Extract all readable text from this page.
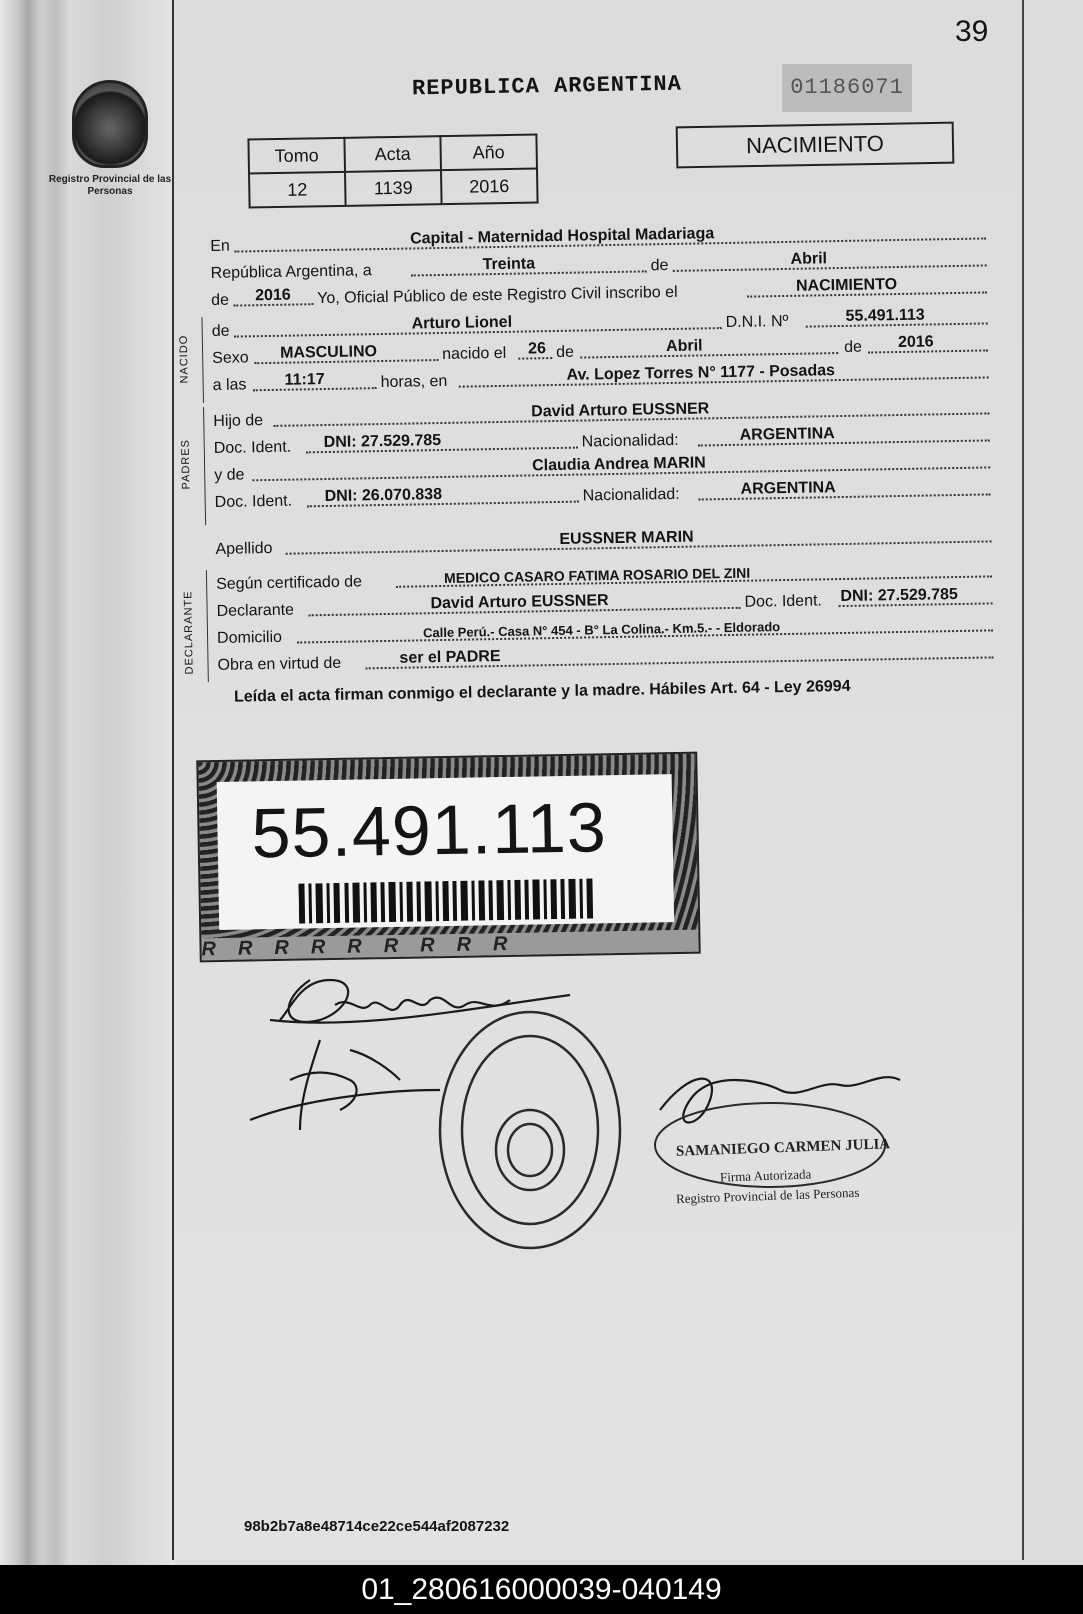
Registro Provincial de las Personas
39
REPUBLICA ARGENTINA	01186071
Tomo	Acta	Año
12	1139	2016
NACIMIENTO
En	Capital - Maternidad Hospital Madariaga
República Argentina, a	Treinta	de	Abril
de 2016 Yo, Oficial Público de este Registro Civil inscribo el	NACIMIENTO
NACIDO
de	Arturo Lionel	D.N.I. Nº	55.491.113
Sexo MASCULINO	nacido el 26 de	Abril	de 2016
a las 11:17	horas, en	Av. Lopez Torres N° 1177 - Posadas
PADRES
Hijo de
David Arturo EUSSNER
Doc. Ident. DNI: 27.529.785	Nacionalidad:	ARGENTINA
y de
Claudia Andrea MARIN
Doc. Ident. DNI: 26.070.838	Nacionalidad:	ARGENTINA
Apellido
EUSSNER MARIN
DECLARANTE
Según certificado de	MEDICO CASARO FATIMA ROSARIO DEL ZINI
Declarante	David Arturo EUSSNER	Doc. Ident. DNI: 27.529.785
Domicilio	Calle Perú.- Casa N° 454 - B° La Colina.- Km.5.- - Eldorado
Obra en virtud de	ser el PADRE
Leída el acta firman conmigo el declarante y la madre. Hábiles Art. 64 - Ley 26994
55.491.113
RRRRRRRRR
SAMANIEGO CARMEN JULIA
Firma Autorizada
Registro Provincial de las Personas
98b2b7a8e48714ce22ce544af2087232
01_280616000039-040149
